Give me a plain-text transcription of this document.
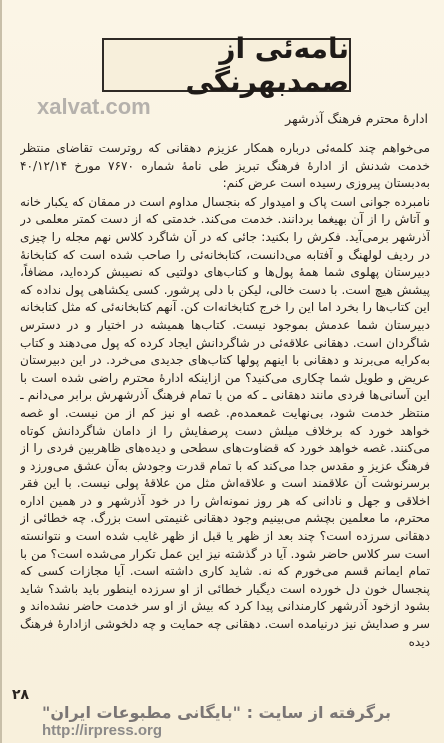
نامه‌ئی از صمدبهرنگی
xalvat.com	ادارهٔ محترم فرهنگ آذرشهر

می‌خواهم چند کلمه‌ئی درباره همکار عزیزم دهقانی که روترست تقاضای منتظر خدمت شدنش از ادارهٔ فرهنگ تبریز طی نامهٔ شماره ۷۶۷۰ مورخ ۴۰/۱۲/۱۴ به‌دبستان پیروزی رسیده است عرض کنم:

نامبرده جوانی است پاک و امیدوار که بنجسال مداوم است در ممقان که یکبار خانه و آتاش را از آن بهیغما بردانند. خدمت می‌کند. خدمتی که از دست کمتر معلمی در آذرشهر برمی‌آید. فکرش را بکنید: جائی که در آن شاگرد کلاس نهم مجله را چیزی در ردیف لولهنگ و آفتابه می‌دانست، کتابخانه‌ئی را صاحب شده است که کتابخانهٔ دبیرستان پهلوی شما همهٔ پول‌ها و کتاب‌های دولتیی که نصیبش کرده‌اید، مضافاً، پیشش هیچ است. با دست خالی، لیکن با دلی پرشور. کسی یکشاهی پول نداده که این کتاب‌ها را بخرد اما این را خرج کتابخانه‌ات کن. آنهم کتابخانه‌ئی که مثل کتابخانه دبیرستان شما عدمش بموجود نیست. کتاب‌ها همیشه در اختیار و در دسترس شاگردان است. دهقانی علاقه‌ئی در شاگردانش ایجاد کرده که پول می‌دهند و کتاب به‌کرایه می‌برند و دهقانی با اینهم پولها کتاب‌های جدیدی می‌خرد. در این دبیرستان عریض و طویل شما چکاری می‌کنید؟ من ازاینکه ادارهٔ محترم راضی شده است با این آسانی‌ها فردی مانند دهقانی ـ که من با تمام فرهنگ آذرشهرش برابر می‌دانم ـ منتظر خدمت شود، بی‌نهایت غمعمده‌م. غصه او نیز کم از من نیست. او غصه خواهد خورد که برخلاف میلش دست پرصفایش را از دامان شاگردانش کوتاه می‌کنند. غصه خواهد خورد که قضاوت‌های سطحی و دیده‌های ظاهربین فردی را از فرهنگ عزیز و مقدس جدا می‌کند که با تمام قدرت وجودش به‌آن عشق می‌ورزد و برسرنوشت آن علاقمند است و علاقه‌اش مثل من علاقهٔ پولی نیست. با این فقر اخلاقی و جهل و نادانی که هر روز نمونه‌اش را در خود آذرشهر و در همین اداره محترم، ما معلمین بچشم می‌بینیم وجود دهقانی غنیمتی است بزرگ. چه خطائی از دهقانی سرزده است؟ چند بعد از ظهر یا قبل از ظهر غایب شده است و نتوانسته است سر کلاس حاضر شود. آیا در گذشته نیز این عمل تکرار می‌شده است؟ من با تمام ایمانم قسم می‌خورم که نه. شاید کاری داشته است. آیا مجازات کسی که پنجسال خون دل خورده است دیگیار خطائی از او سرزده اینطور باید باشد؟ شاید بشود ازخود آذرشهر کارمندانی پیدا کرد که بیش از او سر خدمت حاضر نشده‌اند و سر و صدایش نیز درنیامده است. دهقانی چه حمایت و چه دلخوشی ازادارهٔ فرهنگ دیده

۲۸
برگرفته از سایت : "بایگانی مطبوعات ایران"
http://irpress.org
